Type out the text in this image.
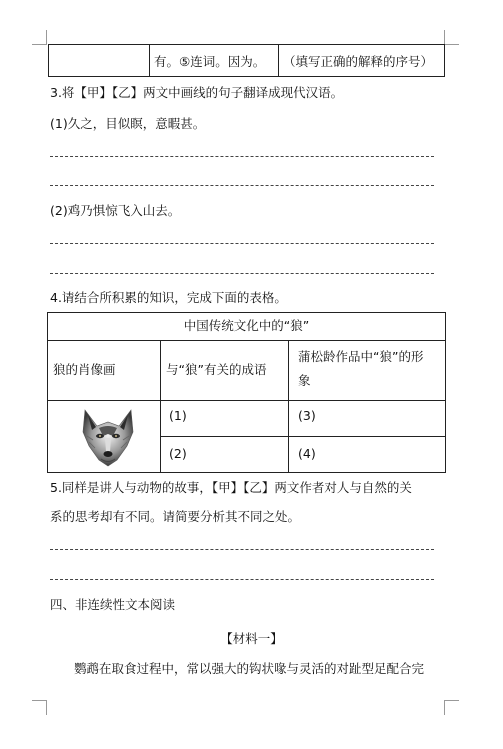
有。⑤连词。因为。 （填写正确的解释的序号）
3.将【甲】【乙】两文中画线的句子翻译成现代汉语。
(1)久之，目似瞑，意暇甚。
(2)鸡乃惧惊飞入山去。
4.请结合所积累的知识，完成下面的表格。
中国传统文化中的“狼”
狼的肖像画	与“狼”有关的成语
蒲松龄作品中“狼”的形
象
(1)
(2)
(3)
(4)
5.同样是讲人与动物的故事，【甲】【乙】两文作者对人与自然的关
系的思考却有不同。请简要分析其不同之处。
四、非连续性文本阅读
【材料一】
鹦鹉在取食过程中，常以强大的钩状喙与灵活的对趾型足配合完
